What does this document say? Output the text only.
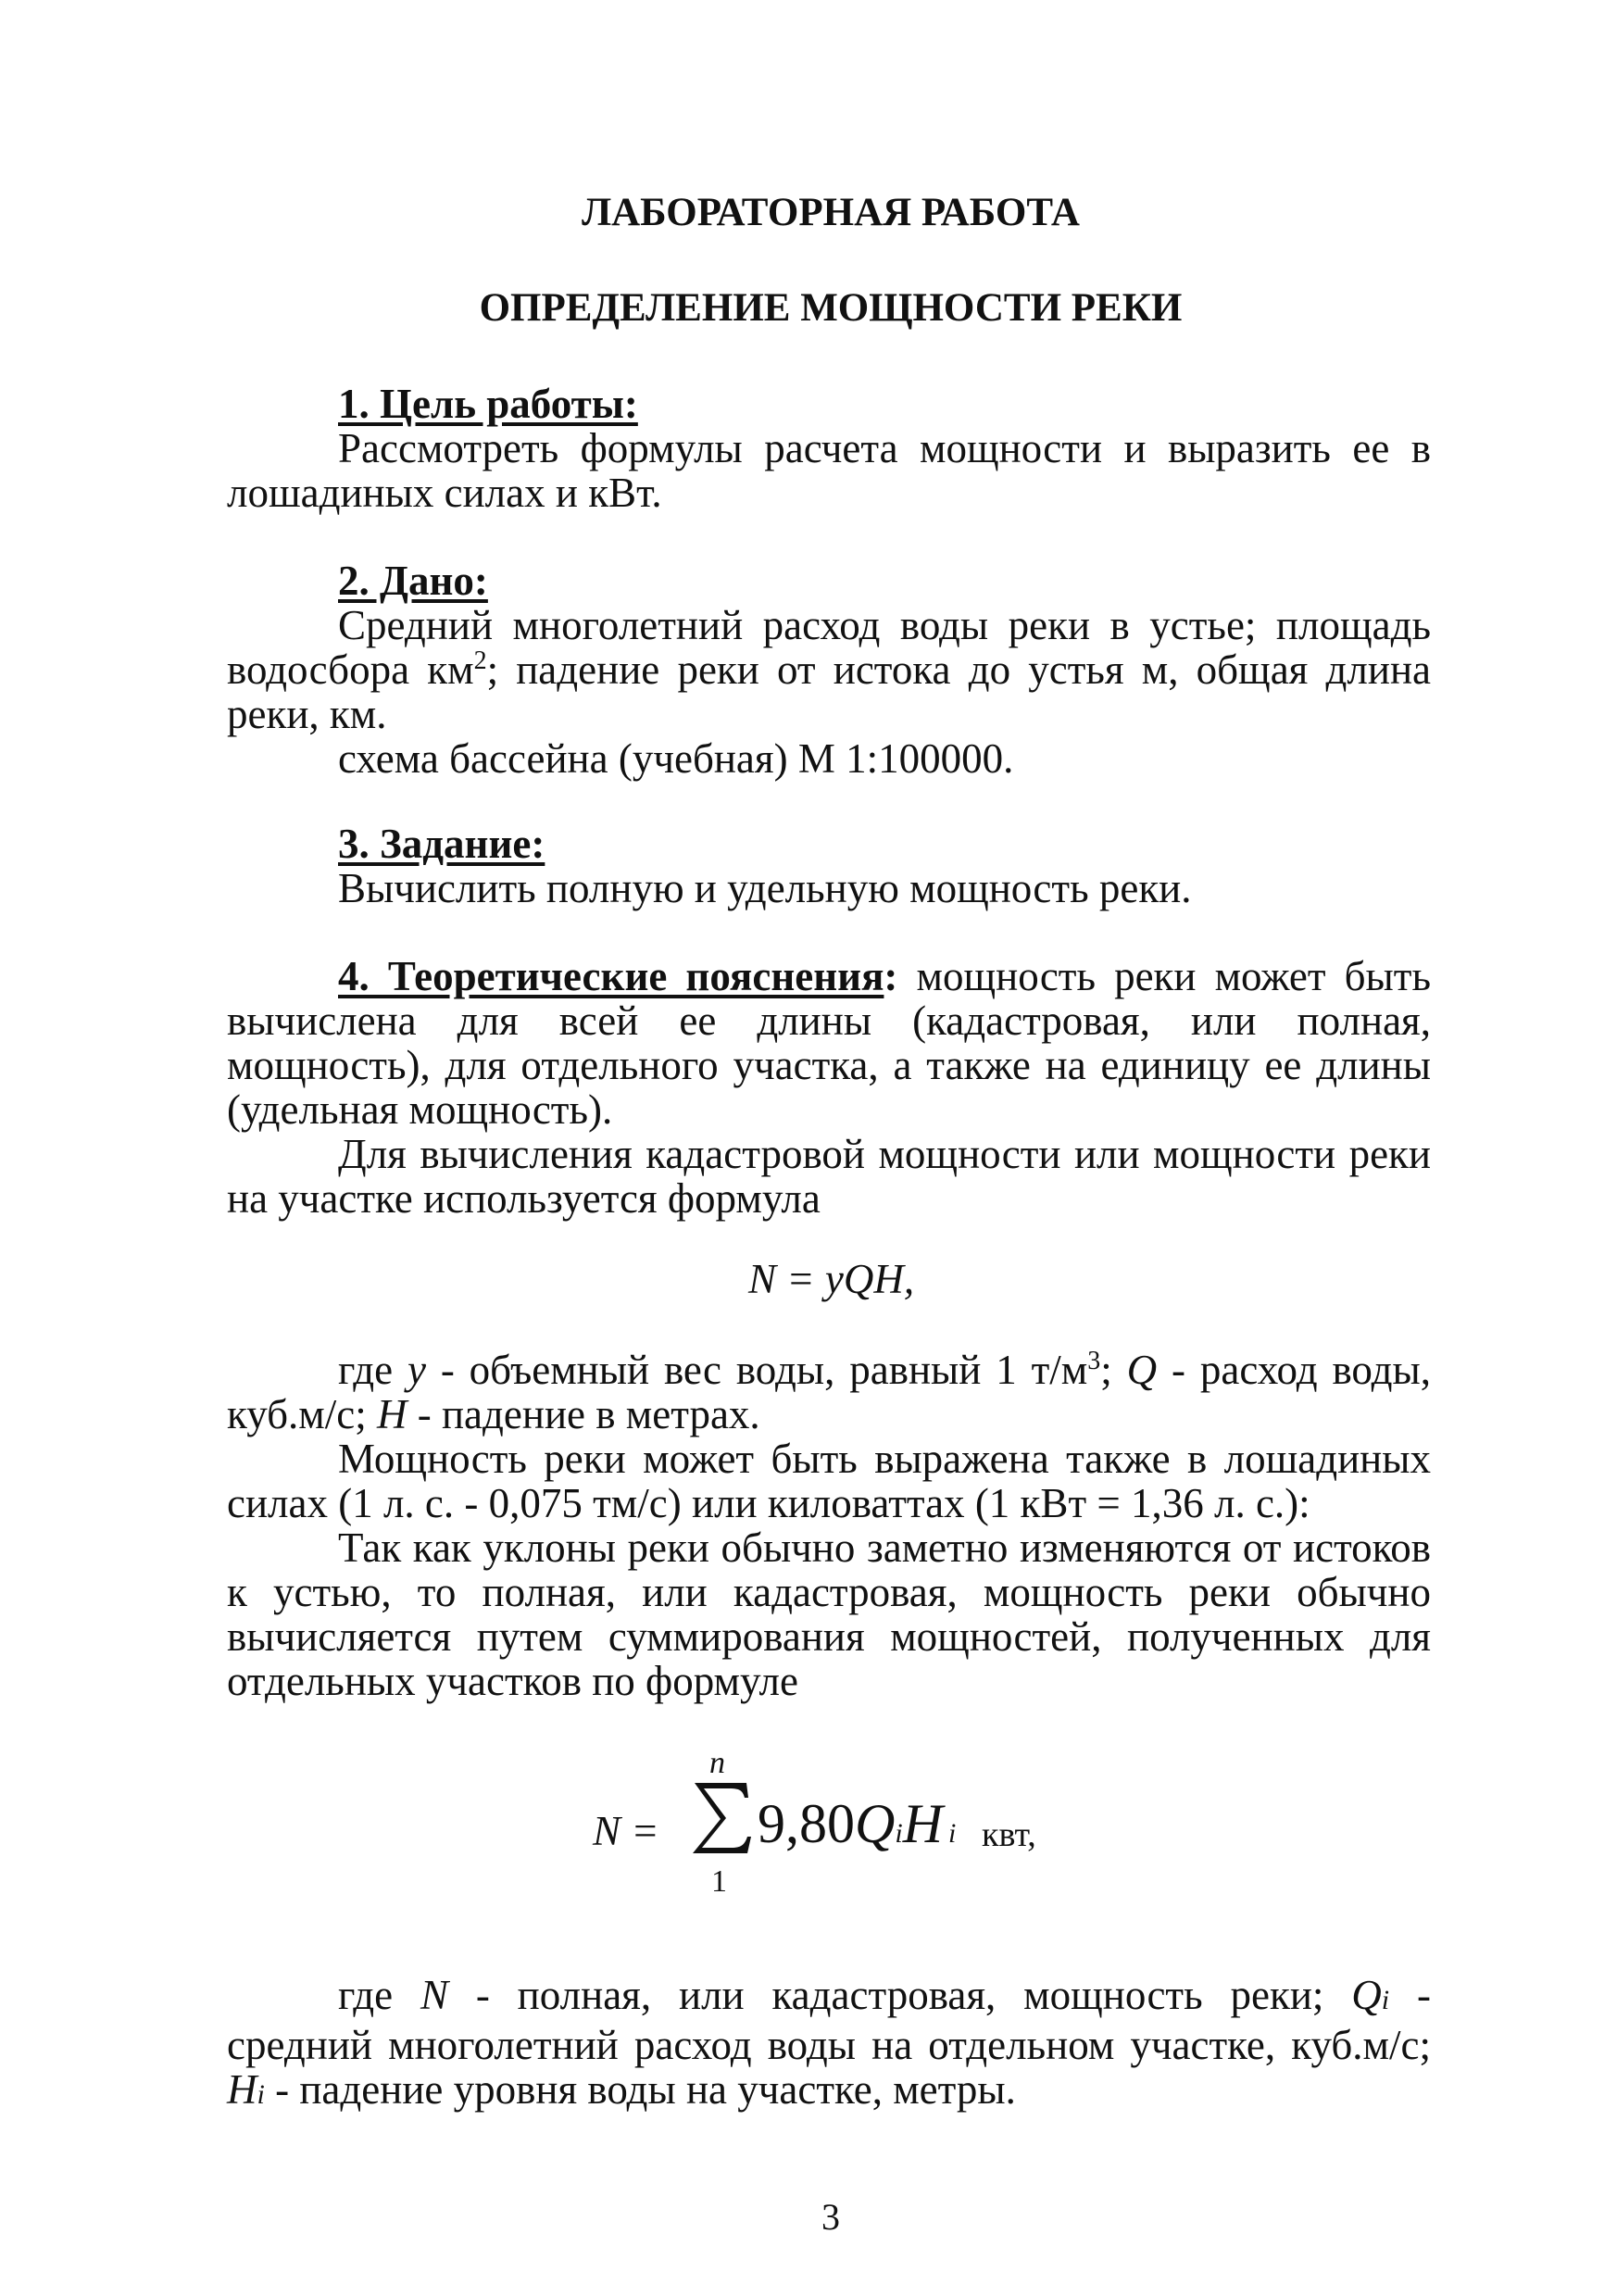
ЛАБОРАТОРНАЯ РАБОТА
ОПРЕДЕЛЕНИЕ МОЩНОСТИ РЕКИ

1. Цель работы:

Рассмотреть формулы расчета мощности и выразить ее в лошадиных силах и кВт.

2. Дано:

Средний многолетний расход воды реки в устье; площадь водосбора $км^2$; падение реки от истока до устья м, общая длина реки, км.

схема бассейна (учебная) М 1:100000.

3. Задание:

Вычислить полную и удельную мощность реки.

4. Теоретические пояснения: мощность реки может быть вычислена для всей ее длины (кадастровая, или полная, мощность), для отдельного участка, а также на единицу ее длины (удельная мощность).

Для вычисления кадастровой мощности или мощности реки на участке используется формула

N = yQH,

где y - объемный вес воды, равный 1 $т/м^3$; Q - расход воды, куб.м/с; H - падение в метрах.

Мощность реки может быть выражена также в лошадиных силах (1 л. с. - 0,075 тм/с) или киловаттах (1 кВт = 1,36 л. с.):

Так как уклоны реки обычно заметно изменяются от истоков к устью, то полная, или кадастровая, мощность реки обычно вычисляется путем суммирования мощностей, полученных для отдельных участков по формуле

N =
n
1
9,80QiH i квт,

где N - полная, или кадастровая, мощность реки; Qi - средний многолетний расход воды на отдельном участке, куб.м/с; Hi - падение уровня воды на участке, метры.

3
